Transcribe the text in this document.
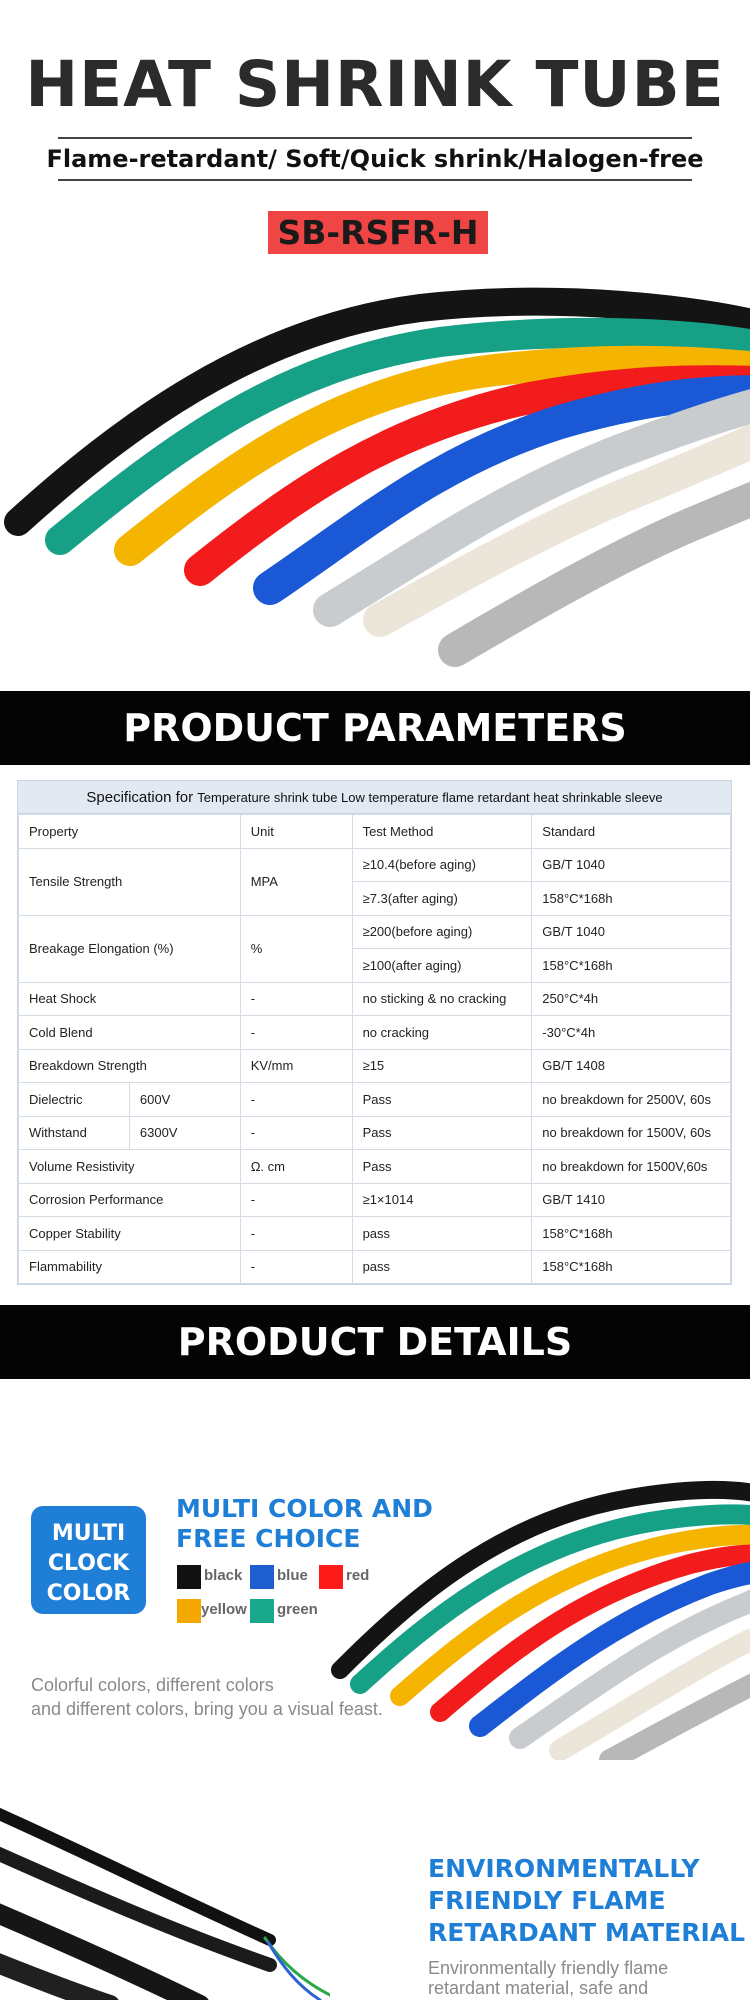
HEAT SHRINK TUBE
Flame-retardant/ Soft/Quick shrink/Halogen-free
SB-RSFR-H
PRODUCT PARAMETERS
Specification for Temperature shrink tube Low temperature flame retardant heat shrinkable sleeve
Property		Unit	Test Method	Standard
Tensile Strength		MPA	≥10.4(before aging)	GB/T 1040
			≥7.3(after aging)	158°C*168h
Breakage Elongation (%)		%	≥200(before aging)	GB/T 1040
			≥100(after aging)	158°C*168h
Heat Shock		-	no sticking & no cracking	250°C*4h
Cold Blend		-	no cracking	-30°C*4h
Breakdown Strength		KV/mm	≥15	GB/T 1408
Dielectric	600V	-	Pass	no breakdown for 2500V, 60s
Withstand	6300V	-	Pass	no breakdown for 1500V, 60s
Volume Resistivity		Ω. cm	Pass	no breakdown for 1500V,60s
Corrosion Performance		-	≥1×1014	GB/T 1410
Copper Stability		-	pass	158°C*168h
Flammability		-	pass	158°C*168h
PRODUCT DETAILS
MULTI
CLOCK
COLOR
MULTI COLOR AND
FREE CHOICE
black blue	red
yellow green
Colorful colors, different colors
and different colors, bring you a visual feast.
ENVIRONMENTALLY
FRIENDLY FLAME
RETARDANT MATERIAL
Environmentally friendly flame
retardant material, safe and
